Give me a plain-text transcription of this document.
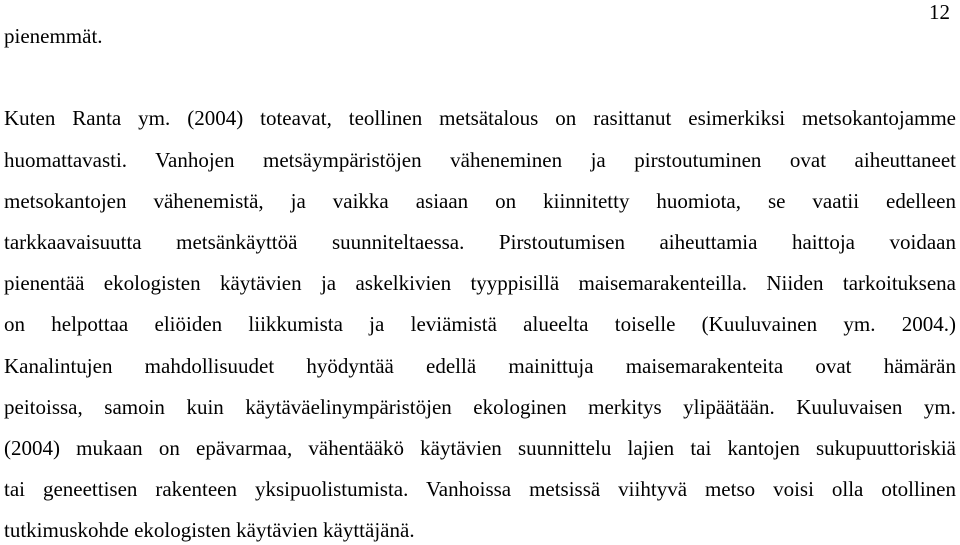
12
pienemmät.
Kuten Ranta ym. (2004) toteavat, teollinen metsätalous on rasittanut esimerkiksi metsokantojamme
huomattavasti. Vanhojen metsäympäristöjen väheneminen ja pirstoutuminen ovat aiheuttaneet
metsokantojen vähenemistä, ja vaikka asiaan on kiinnitetty huomiota, se vaatii edelleen
tarkkaavaisuutta metsänkäyttöä suunniteltaessa. Pirstoutumisen aiheuttamia haittoja voidaan
pienentää ekologisten käytävien ja askelkivien tyyppisillä maisemarakenteilla. Niiden tarkoituksena
on helpottaa eliöiden liikkumista ja leviämistä alueelta toiselle (Kuuluvainen ym. 2004.)
Kanalintujen mahdollisuudet hyödyntää edellä mainittuja maisemarakenteita ovat hämärän
peitoissa, samoin kuin käytäväelinympäristöjen ekologinen merkitys ylipäätään. Kuuluvaisen ym.
(2004) mukaan on epävarmaa, vähentääkö käytävien suunnittelu lajien tai kantojen sukupuuttoriskiä
tai geneettisen rakenteen yksipuolistumista. Vanhoissa metsissä viihtyvä metso voisi olla otollinen
tutkimuskohde ekologisten käytävien käyttäjänä.
